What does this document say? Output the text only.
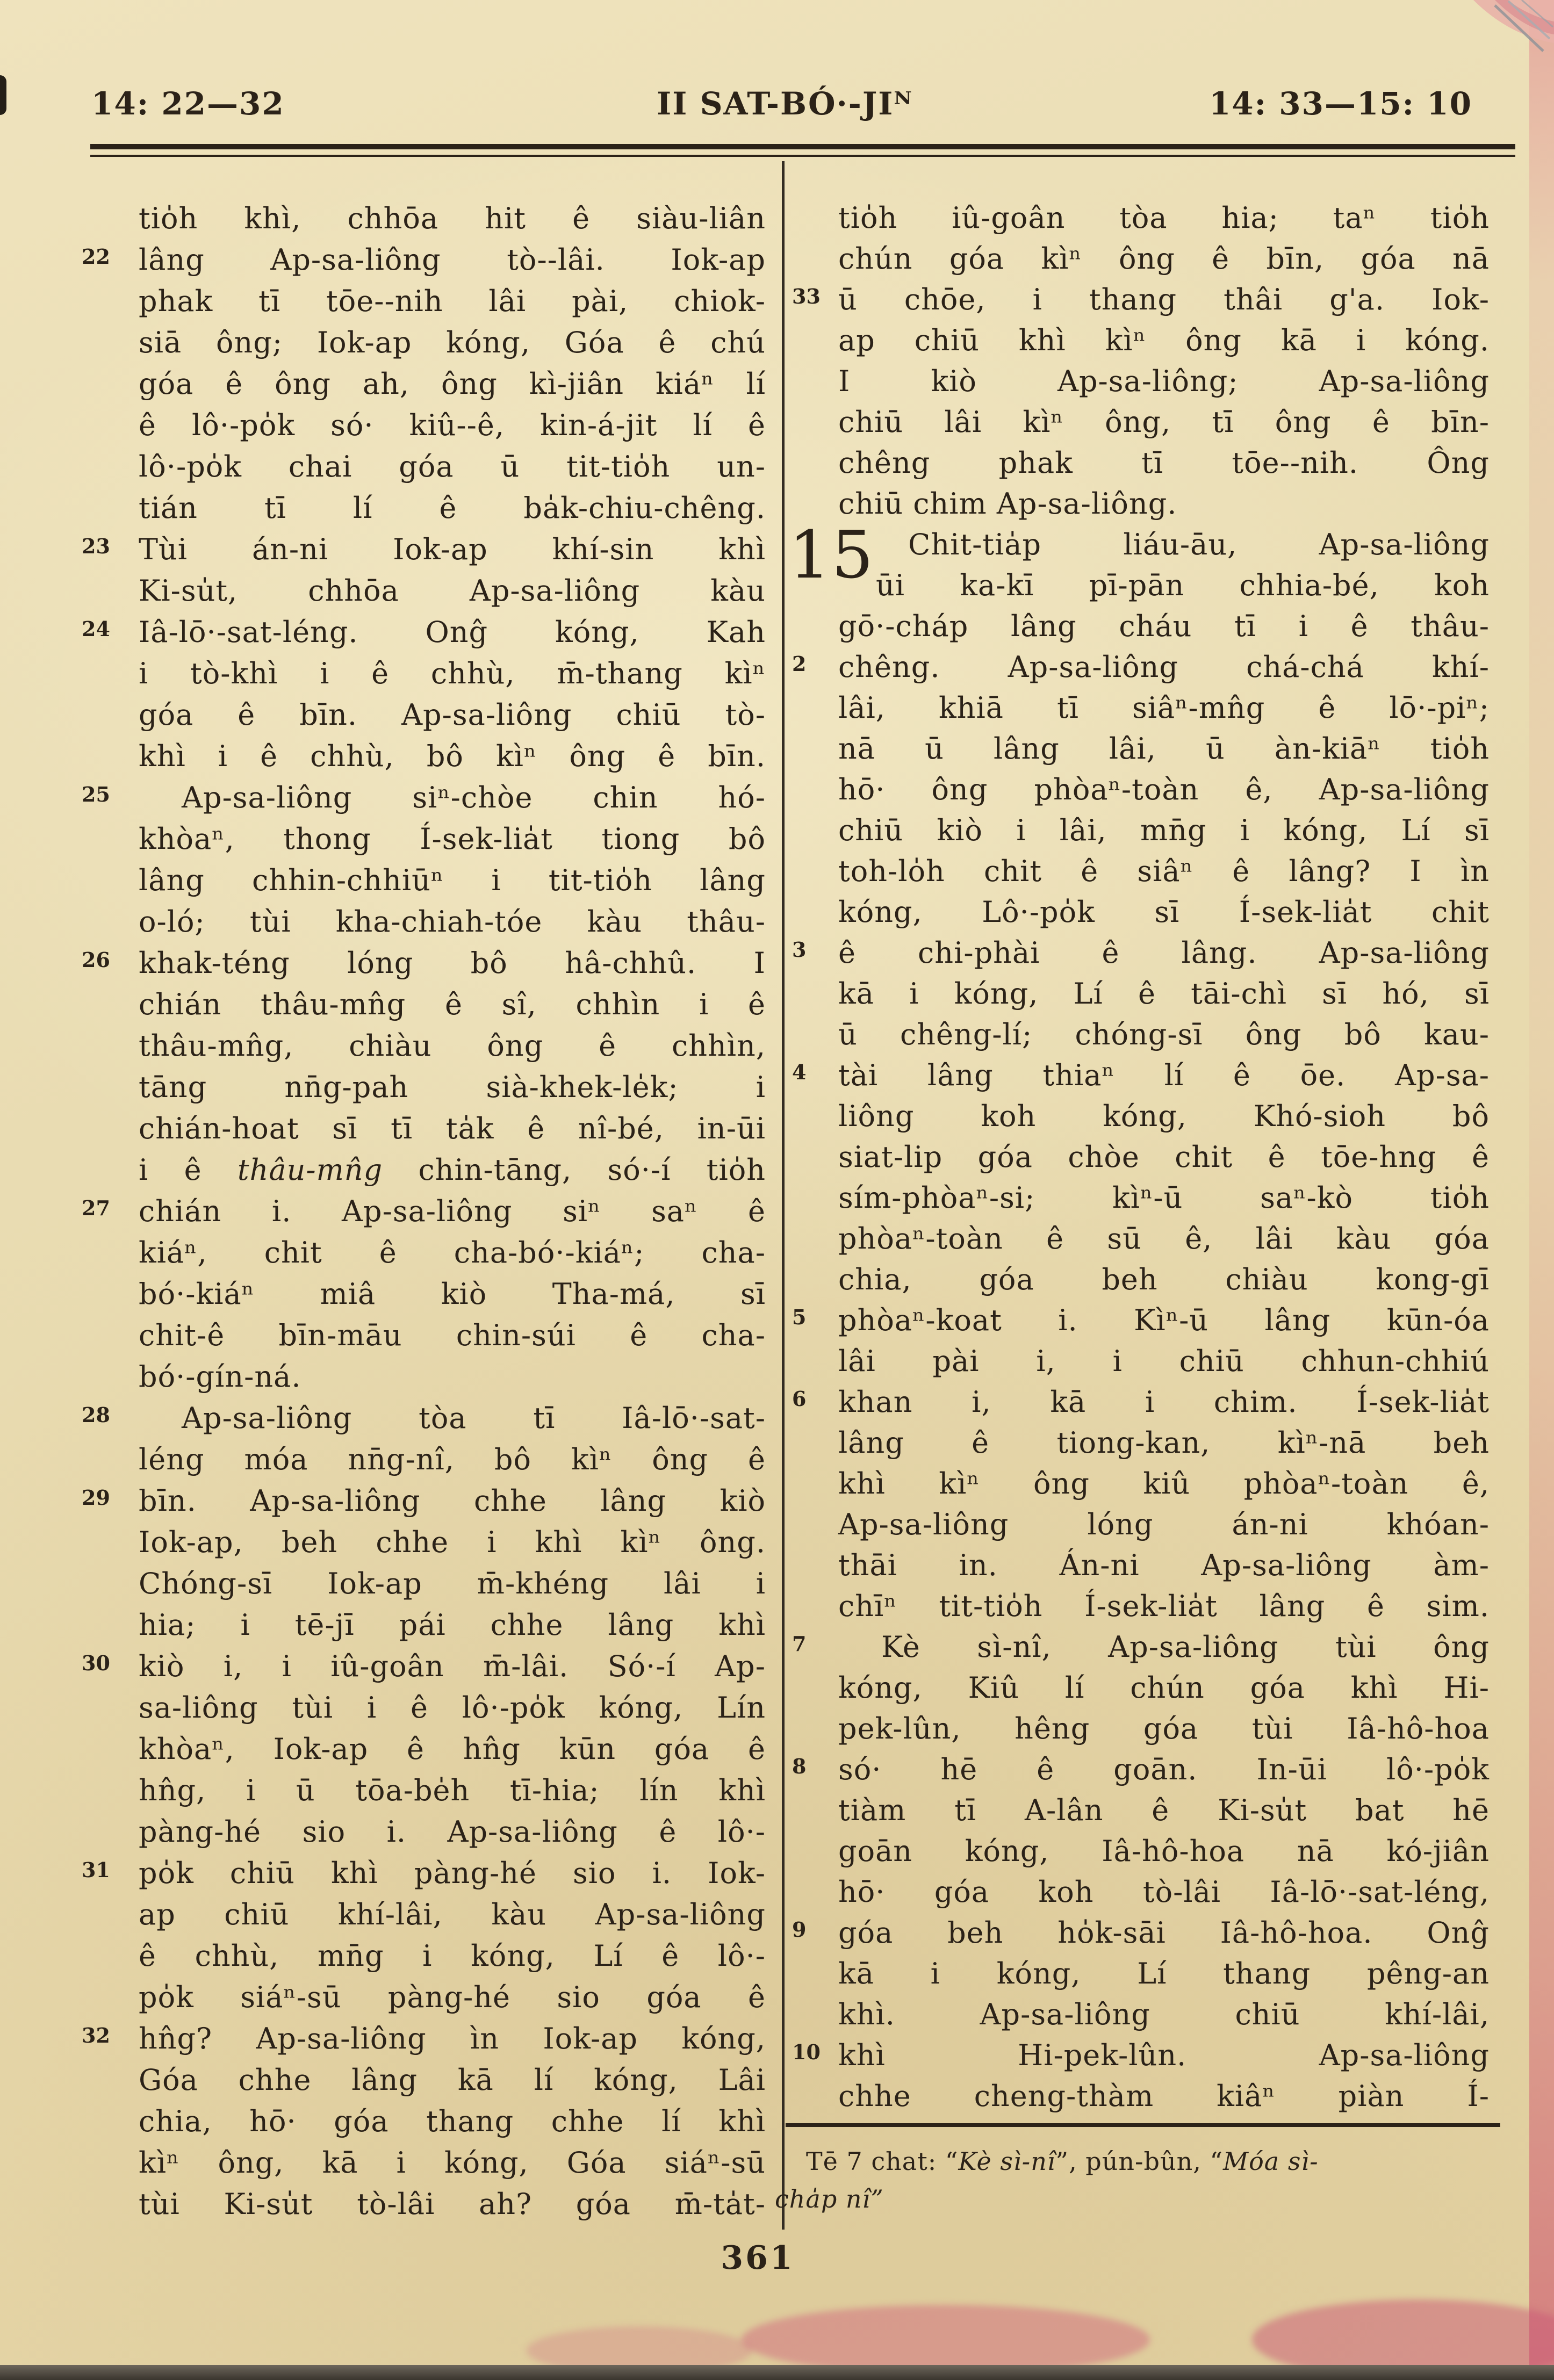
14: 22—32	II SAT-BÓ·-JIᴺ	14: 33—15: 10
tio̍h khì, chhōa hit ê siàu-liân
22 lâng Ap-sa-liông tò--lâi. Iok-ap
phak tī tōe--nih lâi pài, chiok-
siā ông; Iok-ap kóng, Góa ê chú
góa ê ông ah, ông kì-jiân kiáⁿ lí
ê lô·-po̍k só· kiû--ê, kin-á-jit lí ê
lô·-po̍k chai góa ū tit-tio̍h un-
tián tī lí ê ba̍k-chiu-chêng.
23 Tùi án-ni Iok-ap khí-sin khì
Ki-su̍t, chhōa Ap-sa-liông kàu
24 Iâ-lō·-sat-léng. Onĝ kóng, Kah
i tò-khì i ê chhù, m̄-thang kìⁿ
góa ê bīn. Ap-sa-liông chiū tò-
khì i ê chhù, bô kìⁿ ông ê bīn.
25	Ap-sa-liông siⁿ-chòe chin hó-
khòaⁿ, thong Í-sek-lia̍t tiong bô
lâng chhin-chhiūⁿ i tit-tio̍h lâng
o-ló; tùi kha-chiah-tóe kàu thâu-
26 khak-téng lóng bô hâ-chhû. I
chián thâu-mn̂g ê sî, chhìn i ê
thâu-mn̂g, chiàu ông ê chhìn,
tāng nn̄g-pah sià-khek-le̍k; i
chián-hoat sī tī ta̍k ê nî-bé, in-ūi
i ê thâu-mn̂g chin-tāng, só·-í tio̍h
27 chián i. Ap-sa-liông siⁿ saⁿ ê
kiáⁿ, chit ê cha-bó·-kiáⁿ; cha-
bó·-kiáⁿ miâ kiò Tha-má, sī
chit-ê bīn-māu chin-súi ê cha-
bó·-gín-ná.
28	Ap-sa-liông tòa tī Iâ-lō·-sat-
léng móa nn̄g-nî, bô kìⁿ ông ê
29 bīn. Ap-sa-liông chhe lâng kiò
Iok-ap, beh chhe i khì kìⁿ ông.
Chóng-sī Iok-ap m̄-khéng lâi i
hia; i tē-jī pái chhe lâng khì
30 kiò i, i iû-goân m̄-lâi. Só·-í Ap-
sa-liông tùi i ê lô·-po̍k kóng, Lín
khòaⁿ, Iok-ap ê hn̂g kūn góa ê
hn̂g, i ū tōa-be̍h tī-hia; lín khì
pàng-hé sio i. Ap-sa-liông ê lô·-
31 po̍k chiū khì pàng-hé sio i. Iok-
ap chiū khí-lâi, kàu Ap-sa-liông
ê chhù, mn̄g i kóng, Lí ê lô·-
po̍k siáⁿ-sū pàng-hé sio góa ê
32 hn̂g? Ap-sa-liông ìn Iok-ap kóng,
Góa chhe lâng kā lí kóng, Lâi
chia, hō· góa thang chhe lí khì
kìⁿ ông, kā i kóng, Góa siáⁿ-sū
tùi Ki-su̍t tò-lâi ah? góa m̄-ta̍t-
tio̍h iû-goân tòa hia; taⁿ tio̍h
chún góa kìⁿ ông ê bīn, góa nā
33 ū chōe, i thang thâi g'a. Iok-
ap chiū khì kìⁿ ông kā i kóng.
I kiò Ap-sa-liông; Ap-sa-liông
chiū lâi kìⁿ ông, tī ông ê bīn-
chêng phak tī tōe--nih. Ông
chiū chim Ap-sa-liông.
Chit-tia̍p liáu-āu, Ap-sa-liông
ūi ka-kī pī-pān chhia-bé, koh
gō·-cháp lâng cháu tī i ê thâu-
2 chêng. Ap-sa-liông chá-chá khí-
lâi, khiā tī siâⁿ-mn̂g ê lō·-piⁿ;
nā ū lâng lâi, ū àn-kiāⁿ tio̍h
hō· ông phòaⁿ-toàn ê, Ap-sa-liông
chiū kiò i lâi, mn̄g i kóng, Lí sī
toh-lo̍h chit ê siâⁿ ê lâng? I ìn
kóng, Lô·-po̍k sī Í-sek-lia̍t chit
3 ê chi-phài ê lâng. Ap-sa-liông
kā i kóng, Lí ê tāi-chì sī hó, sī
ū chêng-lí; chóng-sī ông bô kau-
4 tài lâng thiaⁿ lí ê ōe. Ap-sa-
liông koh kóng, Khó-sioh bô
siat-lip góa chòe chit ê tōe-hng ê
sím-phòaⁿ-si; kìⁿ-ū saⁿ-kò tio̍h
phòaⁿ-toàn ê sū ê, lâi kàu góa
chia, góa beh chiàu kong-gī
5 phòaⁿ-koat i. Kìⁿ-ū lâng kūn-óa
lâi pài i, i chiū chhun-chhiú
6 khan i, kā i chim. Í-sek-lia̍t
lâng ê tiong-kan, kìⁿ-nā beh
khì kìⁿ ông kiû phòaⁿ-toàn ê,
Ap-sa-liông lóng án-ni khóan-
thāi in. Án-ni Ap-sa-liông àm-
chīⁿ tit-tio̍h Í-sek-lia̍t lâng ê sim.
7	Kè sì-nî, Ap-sa-liông tùi ông
kóng, Kiû lí chún góa khì Hi-
pek-lûn, hêng góa tùi Iâ-hô-hoa
8 só· hē ê goān. In-ūi lô·-po̍k
tiàm tī A-lân ê Ki-su̍t bat hē
goān kóng, Iâ-hô-hoa nā kó-jiân
hō· góa koh tò-lâi Iâ-lō·-sat-léng,
9 góa beh ho̍k-sāi Iâ-hô-hoa. Onĝ
kā i kóng, Lí thang pêng-an
khì. Ap-sa-liông chiū khí-lâi,
10 khì Hi-pek-lûn. Ap-sa-liông
chhe cheng-thàm kiâⁿ piàn Í-
15
Tē 7 chat: “Kè sì-nî”, pún-bûn, “Móa sì-
cha̍p nî”
361
